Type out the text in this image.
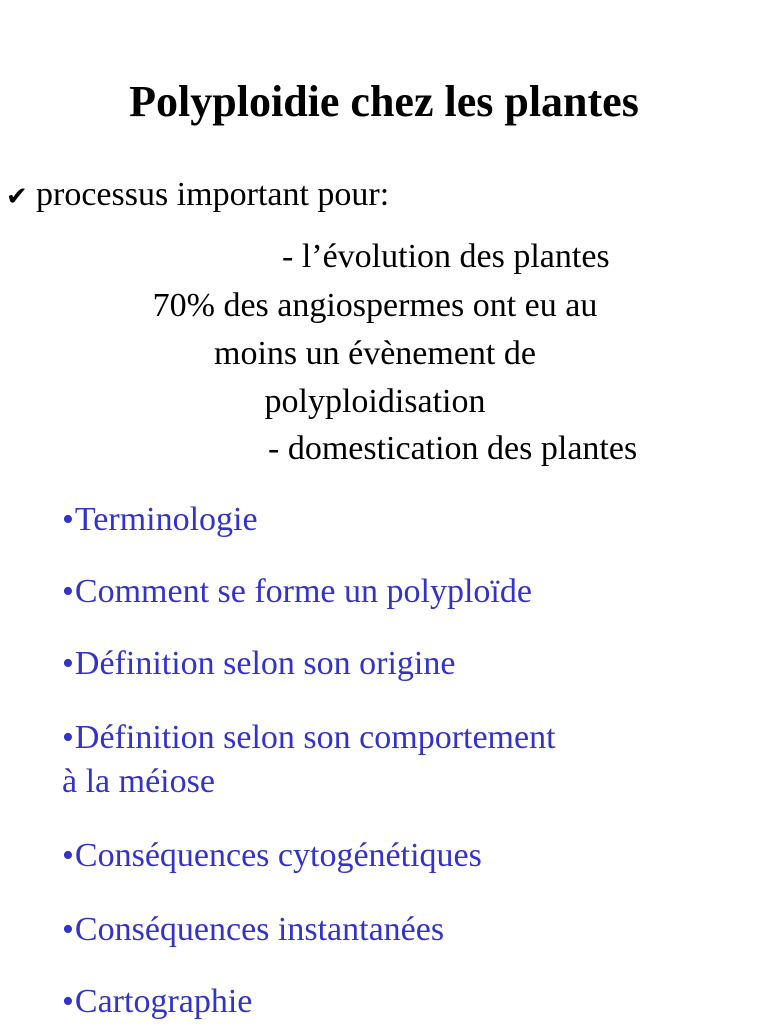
Polyploidie chez les plantes
✔ processus important pour:
- l’évolution des plantes
70% des angiospermes ont eu au
moins un évènement de
polyploidisation
- domestication des plantes
•Terminologie
•Comment se forme un polyploïde
•Définition selon son origine
•Définition selon son comportement
à la méiose
•Conséquences cytogénétiques
•Conséquences instantanées
•Cartographie
